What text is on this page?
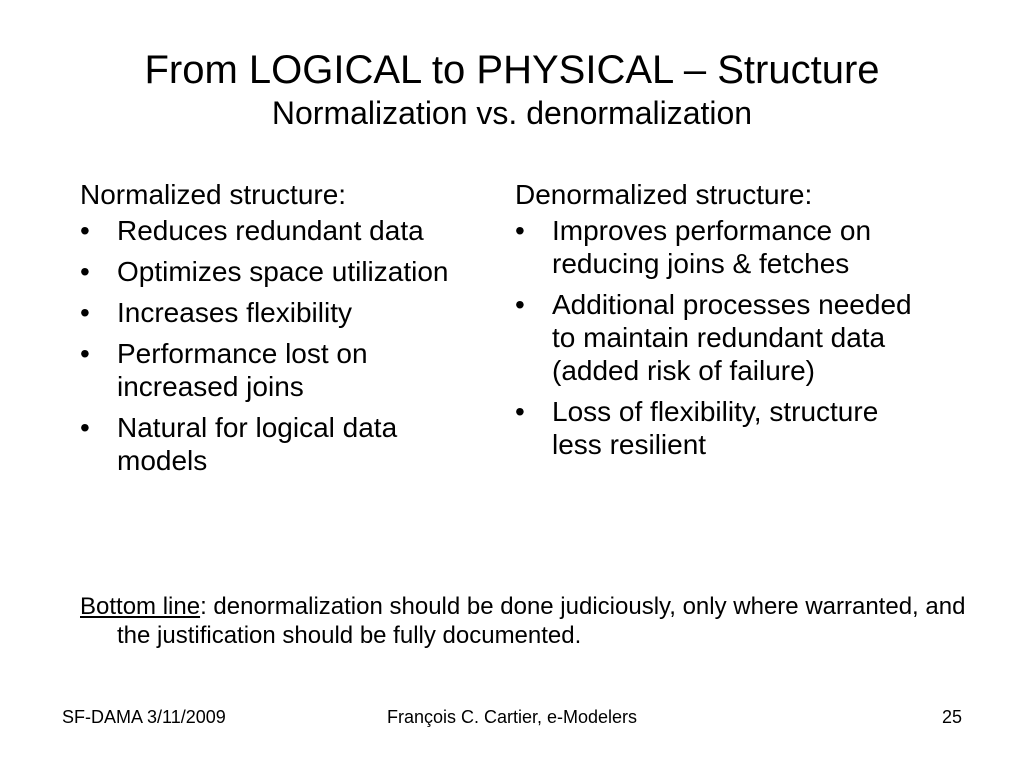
From LOGICAL to PHYSICAL – Structure
Normalization vs. denormalization
Normalized structure:
• Reduces redundant data
• Optimizes space utilization
• Increases flexibility
• Performance lost on increased joins
• Natural for logical data models
Denormalized structure:
• Improves performance on reducing joins & fetches
• Additional processes needed to maintain redundant data (added risk of failure)
• Loss of flexibility, structure less resilient
Bottom line: denormalization should be done judiciously, only where warranted, and the justification should be fully documented.
SF-DAMA 3/11/2009	François C. Cartier, e-Modelers	25
